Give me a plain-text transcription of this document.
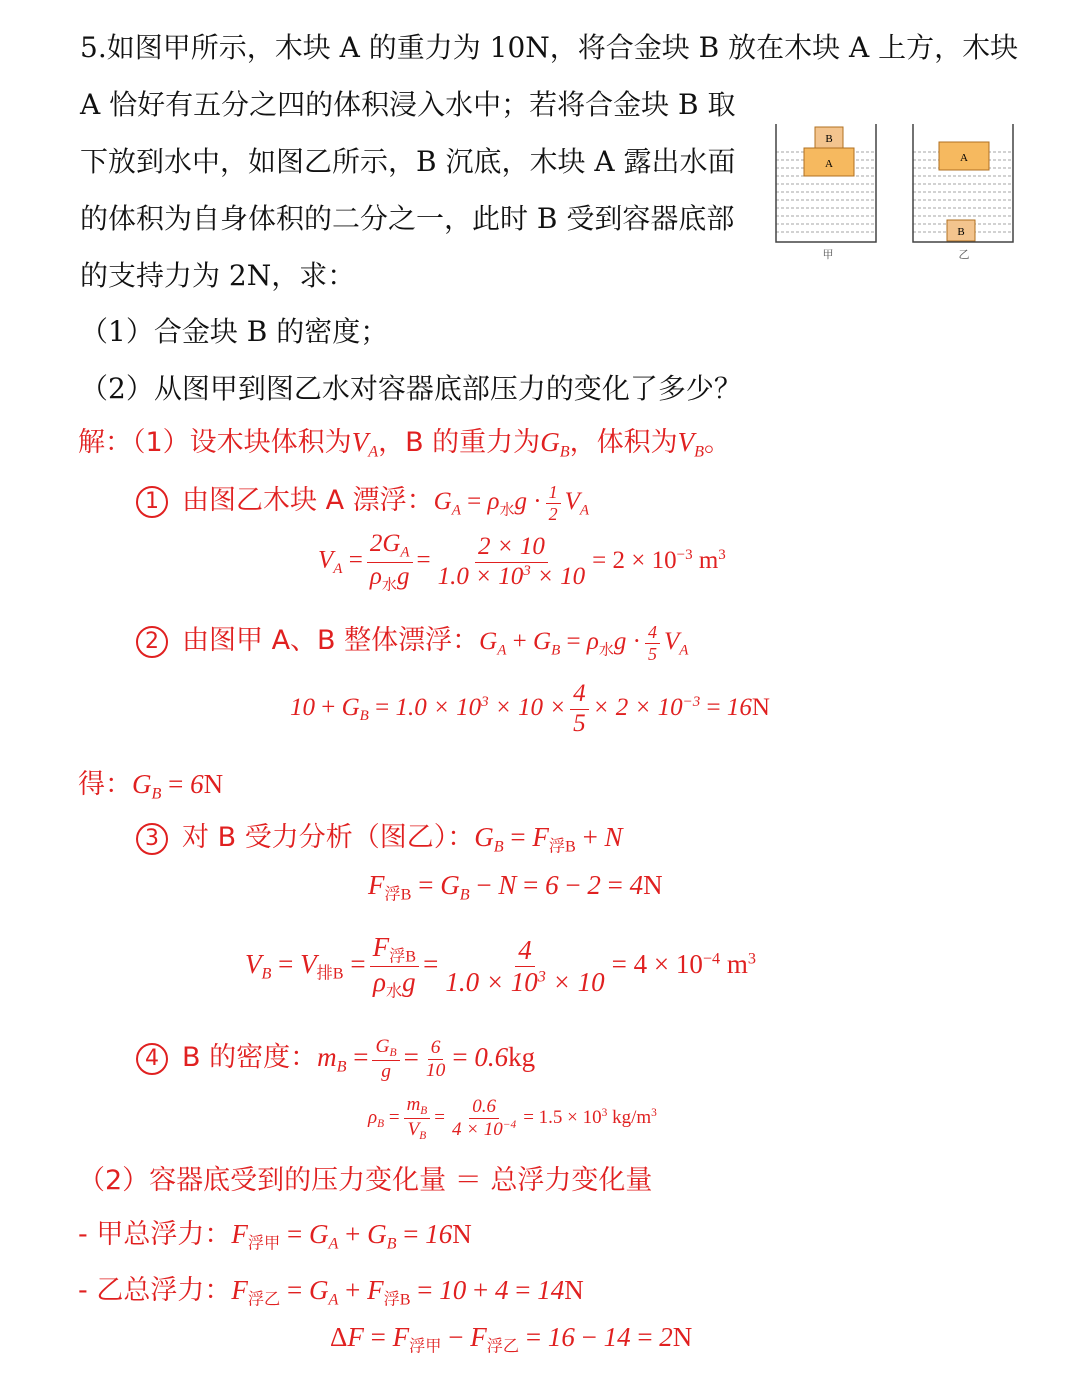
5.如图甲所示，木块 A 的重力为 10N，将合金块 B 放在木块 A 上方，木块
A 恰好有五分之四的体积浸入水中；若将合金块 B 取
下放到水中，如图乙所示，B 沉底，木块 A 露出水面
的体积为自身体积的二分之一，此时 B 受到容器底部
的支持力为 2N，求：
（1）合金块 B 的密度；
（2）从图甲到图乙水对容器底部压力的变化了多少？
A
B
甲
A
B
乙
解：（1）设木块体积为$V_A$，B 的重力为$G_B$，体积为$V_B$。
1 由图乙木块 A 漂浮：$G_A = \rho_水g \cdot \frac{1}{2} V_A$
$V_A$ =
$2G_A$
$\rho_水g$
= $\frac{2 \times 10}{1.0 \times 10^3 \times 10} = 2 \times 10^{-3}$ $m^3$
2 由图甲 A、B 整体漂浮：$G_A + G_B = \rho_水g \cdot \frac{4}{5} V_A$
$10 + G_B = 1.0 \times 10^3 \times 10 \times \frac{4}{5} \times 2 \times 10^{-3} = 16N$
得：$G_B = 6N$
3 对 B 受力分析（图乙）：$G_B = F_{浮B} + N$
$F_{浮B} = G_B - N = 6 - 2 = 4N$
$V_B = V_{排B}$ =
$F_{浮B}$
$\rho_水g$
= $\frac{4}{1.0 \times 10^3 \times 10} = 4 \times 10^{-4}$ $m^3$
4 B 的密度：$m_B = \frac{G_B}{g} = \frac{6}{10} = 0.6kg$
$\rho_B = \frac{m_B}{V_B} = \frac{0.6}{4 \times 10^{-4}} = 1.5 \times 10^3$ $kg/m^3$
（2）容器底受到的压力变化量 ＝ 总浮力变化量
- 甲总浮力：$F_{浮甲} = G_A + G_B = 16N$
- 乙总浮力：$F_{浮乙} = G_A + F_{浮B} = 10 + 4 = 14N$
$\Delta F = F_{浮甲} - F_{浮乙} = 16 - 14 = 2N$
